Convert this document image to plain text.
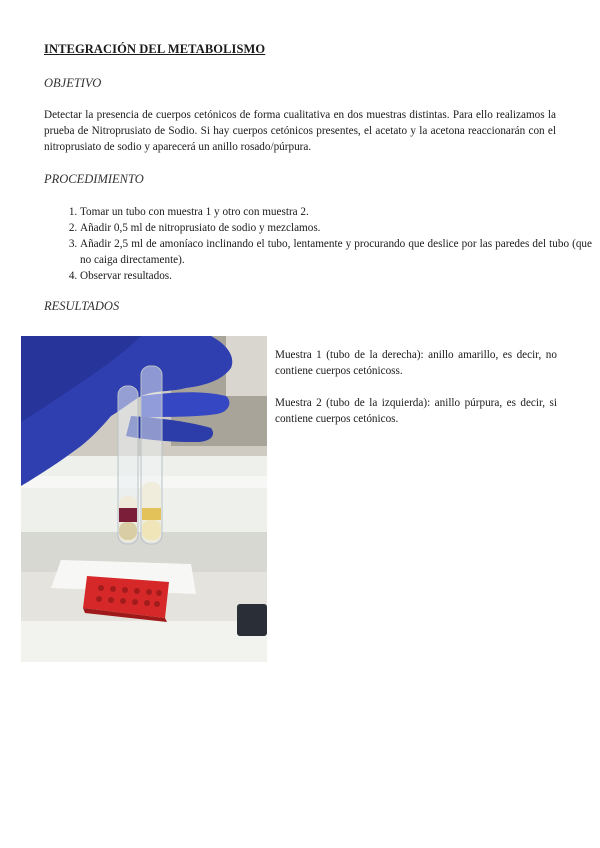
INTEGRACIÓN DEL METABOLISMO
OBJETIVO

Detectar la presencia de cuerpos cetónicos de forma cualitativa en dos muestras distintas. Para ello realizamos la prueba de Nitroprusiato de Sodio. Si hay cuerpos cetónicos presentes, el acetato y la acetona reaccionarán con el nitroprusiato de sodio y aparecerá un anillo rosado/púrpura.

PROCEDIMIENTO
1. Tomar un tubo con muestra 1 y otro con muestra 2.
2. Añadir 0,5 ml de nitroprusiato de sodio y mezclamos.
3. Añadir 2,5 ml de amoníaco inclinando el tubo, lentamente y procurando que deslice por las paredes del tubo (que no caiga directamente).
4. Observar resultados.
RESULTADOS

Muestra 1 (tubo de la derecha): anillo amarillo, es decir, no contiene cuerpos cetónicoss.

Muestra 2 (tubo de la izquierda): anillo púrpura, es decir, si contiene cuerpos cetónicos.
